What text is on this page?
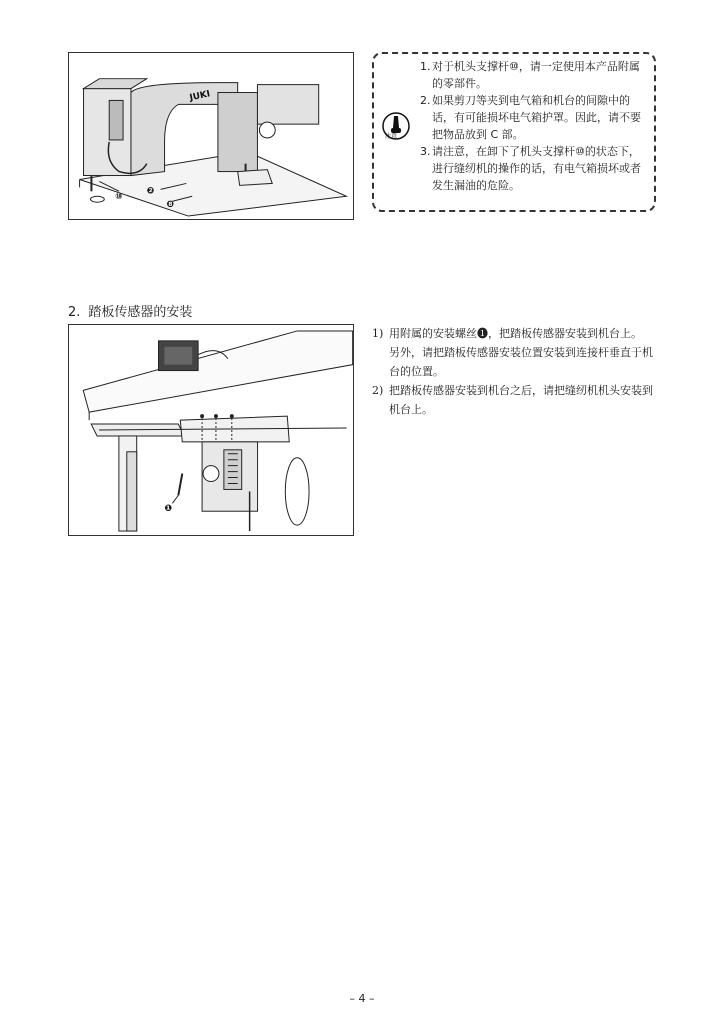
JUKI
⑩
❷
❽
注意
1. 对于机头支撑杆⑩，请一定使用本产品附属的零部件。
2. 如果剪刀等夹到电气箱和机台的间隙中的话，有可能损坏电气箱护罩。因此，请不要把物品放到 C 部。
3. 请注意，在卸下了机头支撑杆⑩的状态下，进行缝纫机的操作的话，有电气箱损坏或者发生漏油的危险。
2. 踏板传感器的安装
❶
1) 用附属的安装螺丝❶，把踏板传感器安装到机台上。

另外，请把踏板传感器安装位置安装到连接杆垂直于机台的位置。

2) 把踏板传感器安装到机台之后，请把缝纫机机头安装到机台上。
– 4 –
